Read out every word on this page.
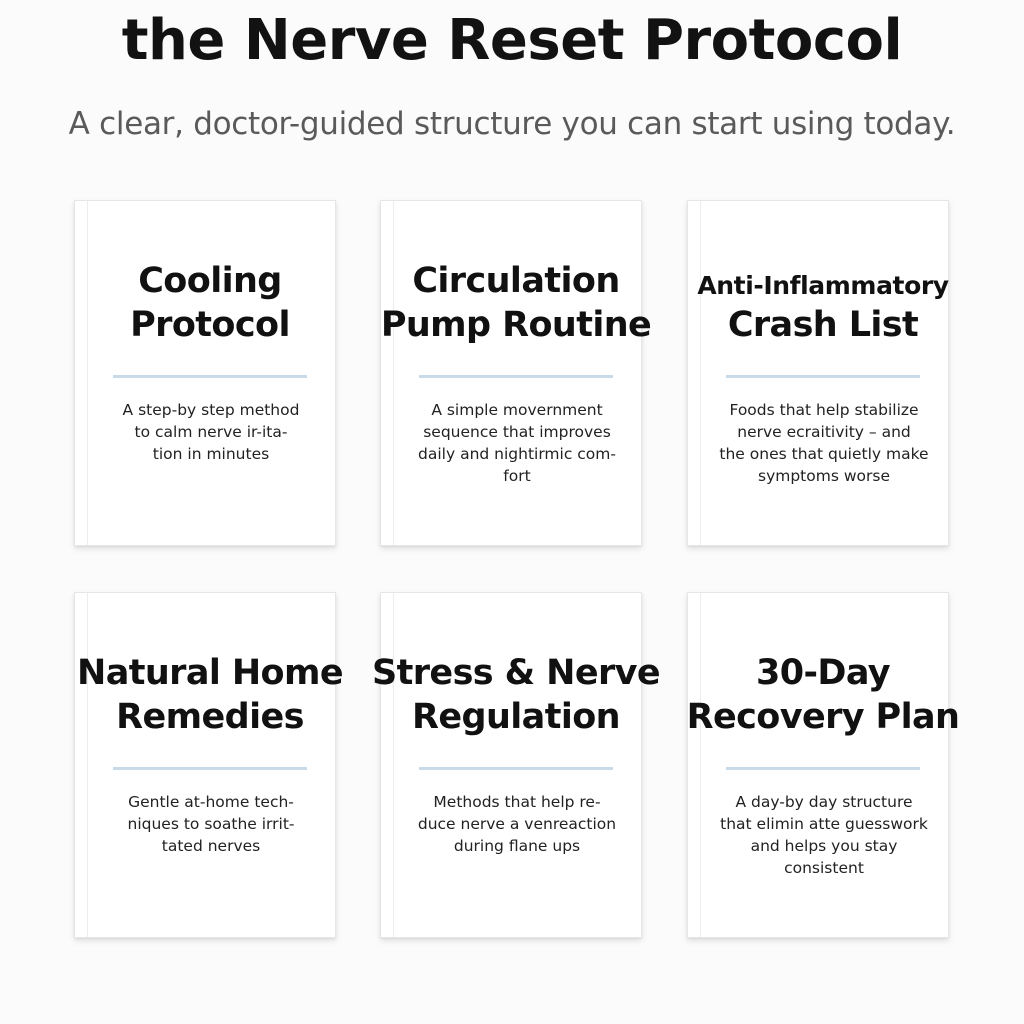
the Nerve Reset Protocol

A clear, doctor-guided structure you can start using today.

Cooling
Protocol
A step-by step method
to calm nerve ir-ita-
tion in minutes
Circulation
Pump Routine
A simple movernment
sequence that improves
daily and nightirmic com-
fort
Anti-Inflammatory
Crash List
Foods that help stabilize
nerve ecraitivity – and
the ones that quietly make
symptoms worse
Natural Home
Remedies
Gentle at-home tech-
niques to soathe irrit-
tated nerves
Stress & Nerve
Regulation
Methods that help re-
duce nerve a venreaction
during flane ups
30-Day
Recovery Plan
A day-by day structure
that elimin atte guesswork
and helps you stay
consistent
